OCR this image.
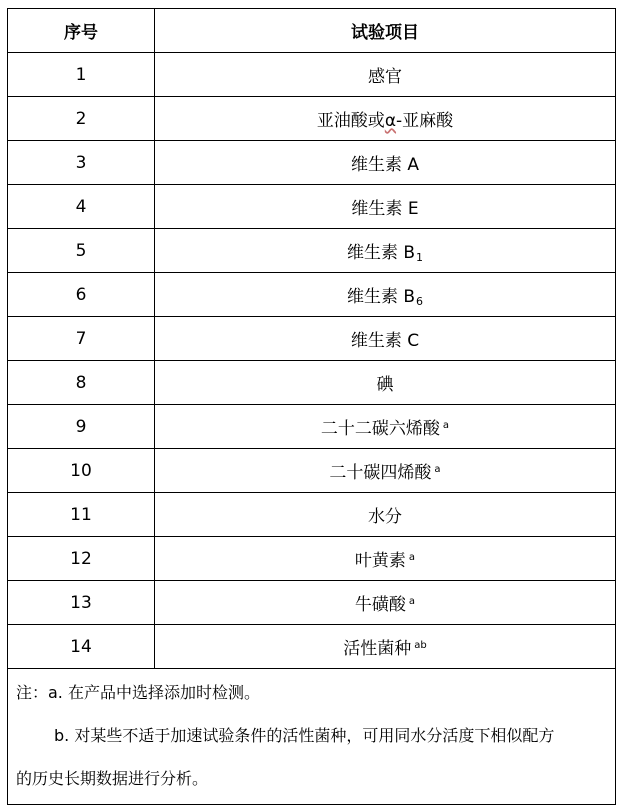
序号	试验项目
1	感官
2	亚油酸或α-亚麻酸
3	维生素 A
4	维生素 E
5	维生素 $B_1$
6	维生素 $B_6$
7	维生素 C
8	碘
9	二十二碳六烯酸 $^a$
10	二十碳四烯酸 $^a$
11	水分
12	叶黄素 $^a$
13	牛磺酸 $^a$
14	活性菌种 $^{ab}$

注：a. 在产品中选择添加时检测。
b. 对某些不适于加速试验条件的活性菌种，可用同水分活度下相似配方
的历史长期数据进行分析。	
